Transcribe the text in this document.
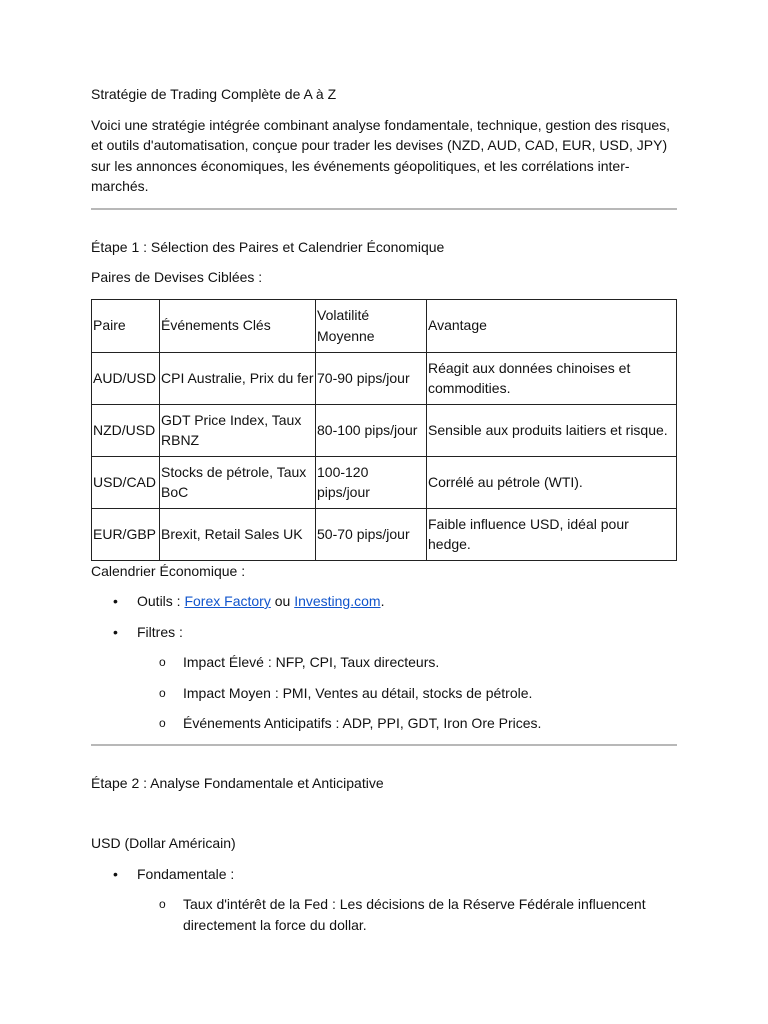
Stratégie de Trading Complète de A à Z

Voici une stratégie intégrée combinant analyse fondamentale, technique, gestion des risques, et outils d'automatisation, conçue pour trader les devises (NZD, AUD, CAD, EUR, USD, JPY) sur les annonces économiques, les événements géopolitiques, et les corrélations inter-marchés.

Étape 1 : Sélection des Paires et Calendrier Économique

Paires de Devises Ciblées :

Paire	Événements Clés	Volatilité Moyenne	Avantage
AUD/USD	CPI Australie, Prix du fer	70-90 pips/jour	Réagit aux données chinoises et commodities.
NZD/USD	GDT Price Index, Taux RBNZ	80-100 pips/jour	Sensible aux produits laitiers et risque.
USD/CAD	Stocks de pétrole, Taux BoC	100-120 pips/jour	Corrélé au pétrole (WTI).
EUR/GBP	Brexit, Retail Sales UK	50-70 pips/jour	Faible influence USD, idéal pour hedge.

Calendrier Économique :

• Outils : Forex Factory ou Investing.com.
• Filtres :
o Impact Élevé : NFP, CPI, Taux directeurs.
o Impact Moyen : PMI, Ventes au détail, stocks de pétrole.
o Événements Anticipatifs : ADP, PPI, GDT, Iron Ore Prices.

Étape 2 : Analyse Fondamentale et Anticipative

USD (Dollar Américain)

• Fondamentale :
o Taux d'intérêt de la Fed : Les décisions de la Réserve Fédérale influencent directement la force du dollar.
